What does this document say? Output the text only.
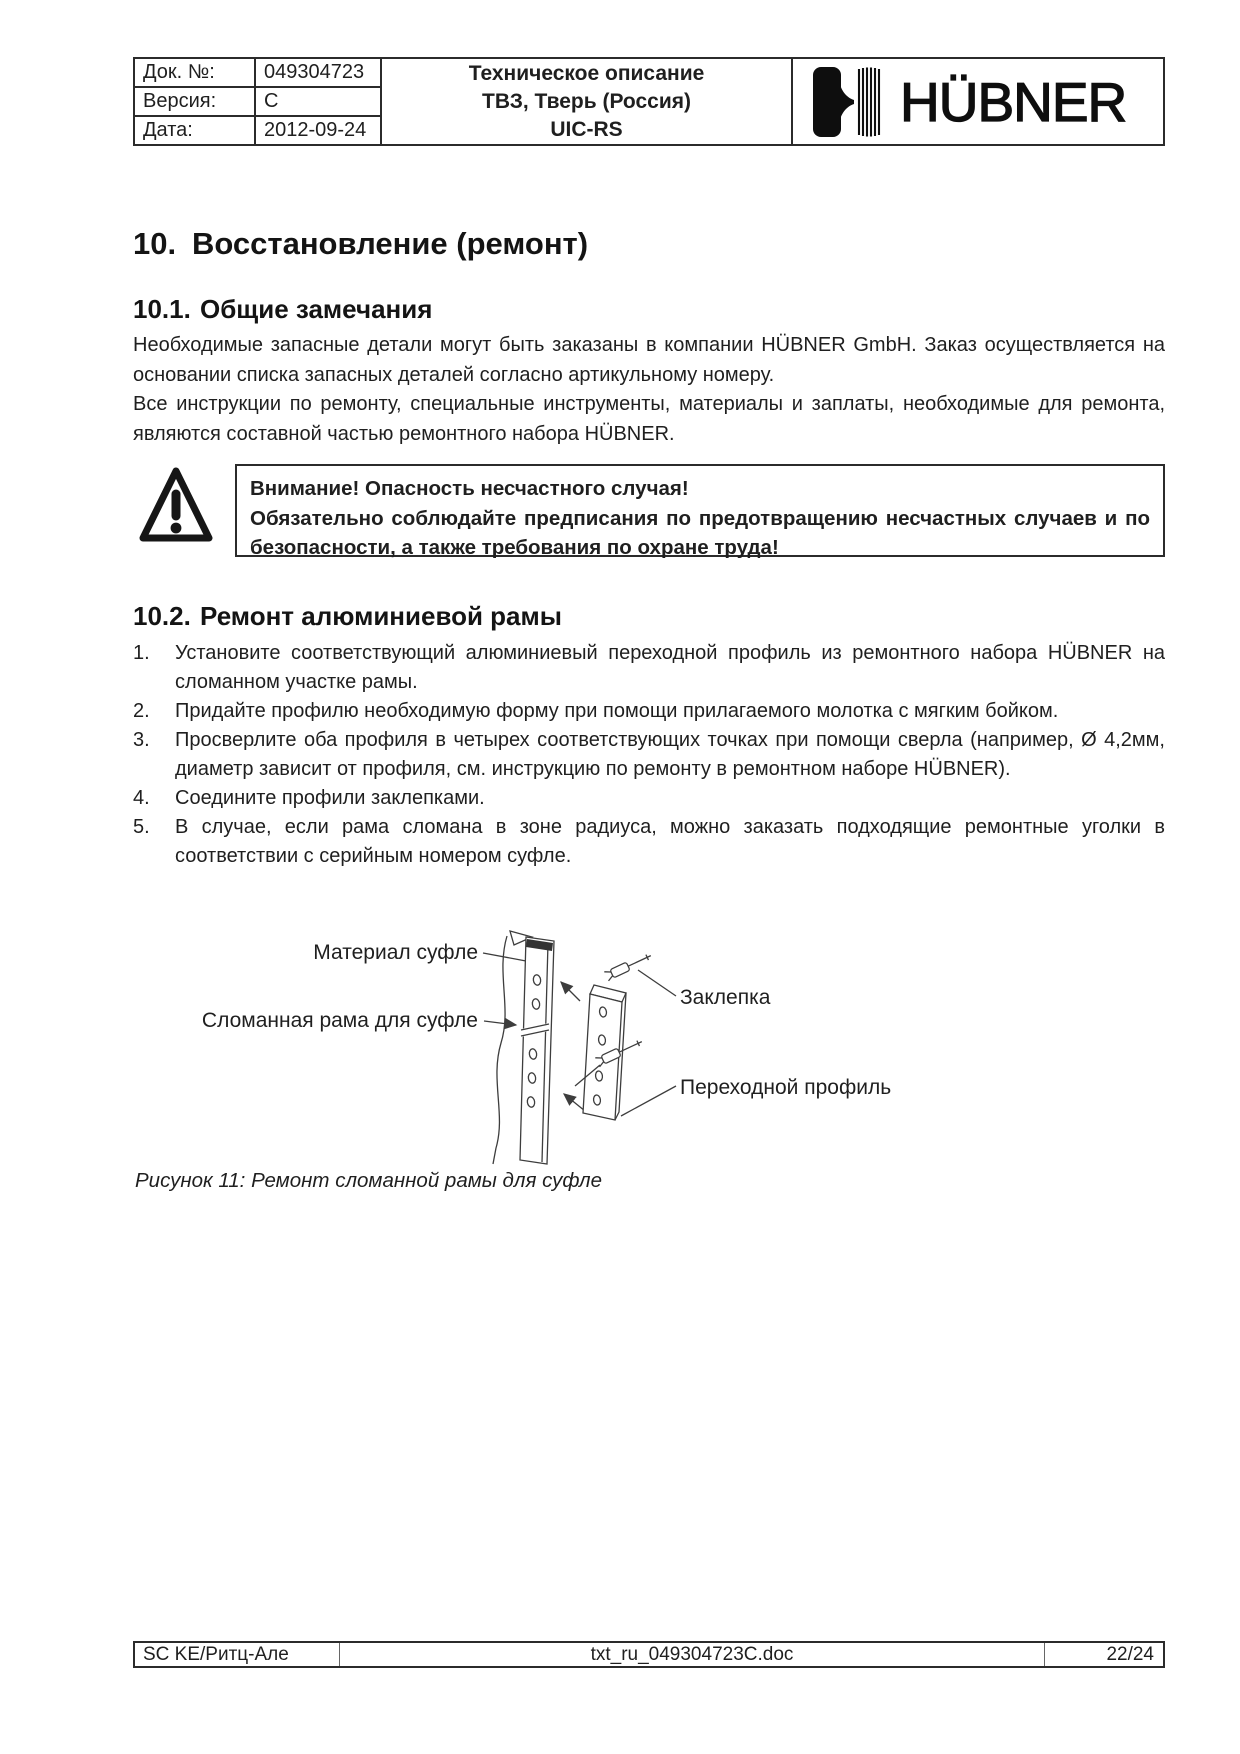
Док. №:	049304723
Версия:	C
Дата:	2012-09-24
Техническое описание
ТВЗ, Тверь (Россия)
UIC-RS	HÜBNER
10. Восстановление (ремонт)
10.1. Общие замечания

Необходимые запасные детали могут быть заказаны в компании HÜBNER GmbH. Заказ осуществляется на основании списка запасных деталей согласно артикульному номеру.

Все инструкции по ремонту, специальные инструменты, материалы и заплаты, необходимые для ремонта, являются составной частью ремонтного набора HÜBNER.

Внимание! Опасность несчастного случая!
Обязательно соблюдайте предписания по предотвращению несчастных случаев и по безопасности, а также требования по охране труда!
10.2. Ремонт алюминиевой рамы
1.	Установите соответствующий алюминиевый переходной профиль из ремонтного набора HÜBNER на сломанном участке рамы.
2.	Придайте профилю необходимую форму при помощи прилагаемого молотка с мягким бойком.
3.	Просверлите оба профиля в четырех соответствующих точках при помощи сверла (например, Ø 4,2мм, диаметр зависит от профиля, см. инструкцию по ремонту в ремонтном наборе HÜBNER).
4.	Соедините профили заклепками.
5.	В случае, если рама сломана в зоне радиуса, можно заказать подходящие ремонтные уголки в соответствии с серийным номером суфле.
Материал суфле
Сломанная рама для суфле
Заклепка
Переходной профиль
Рисунок 11: Ремонт сломанной рамы для суфле
SC KE/Ритц-Але	txt_ru_049304723C.doc	22/24
